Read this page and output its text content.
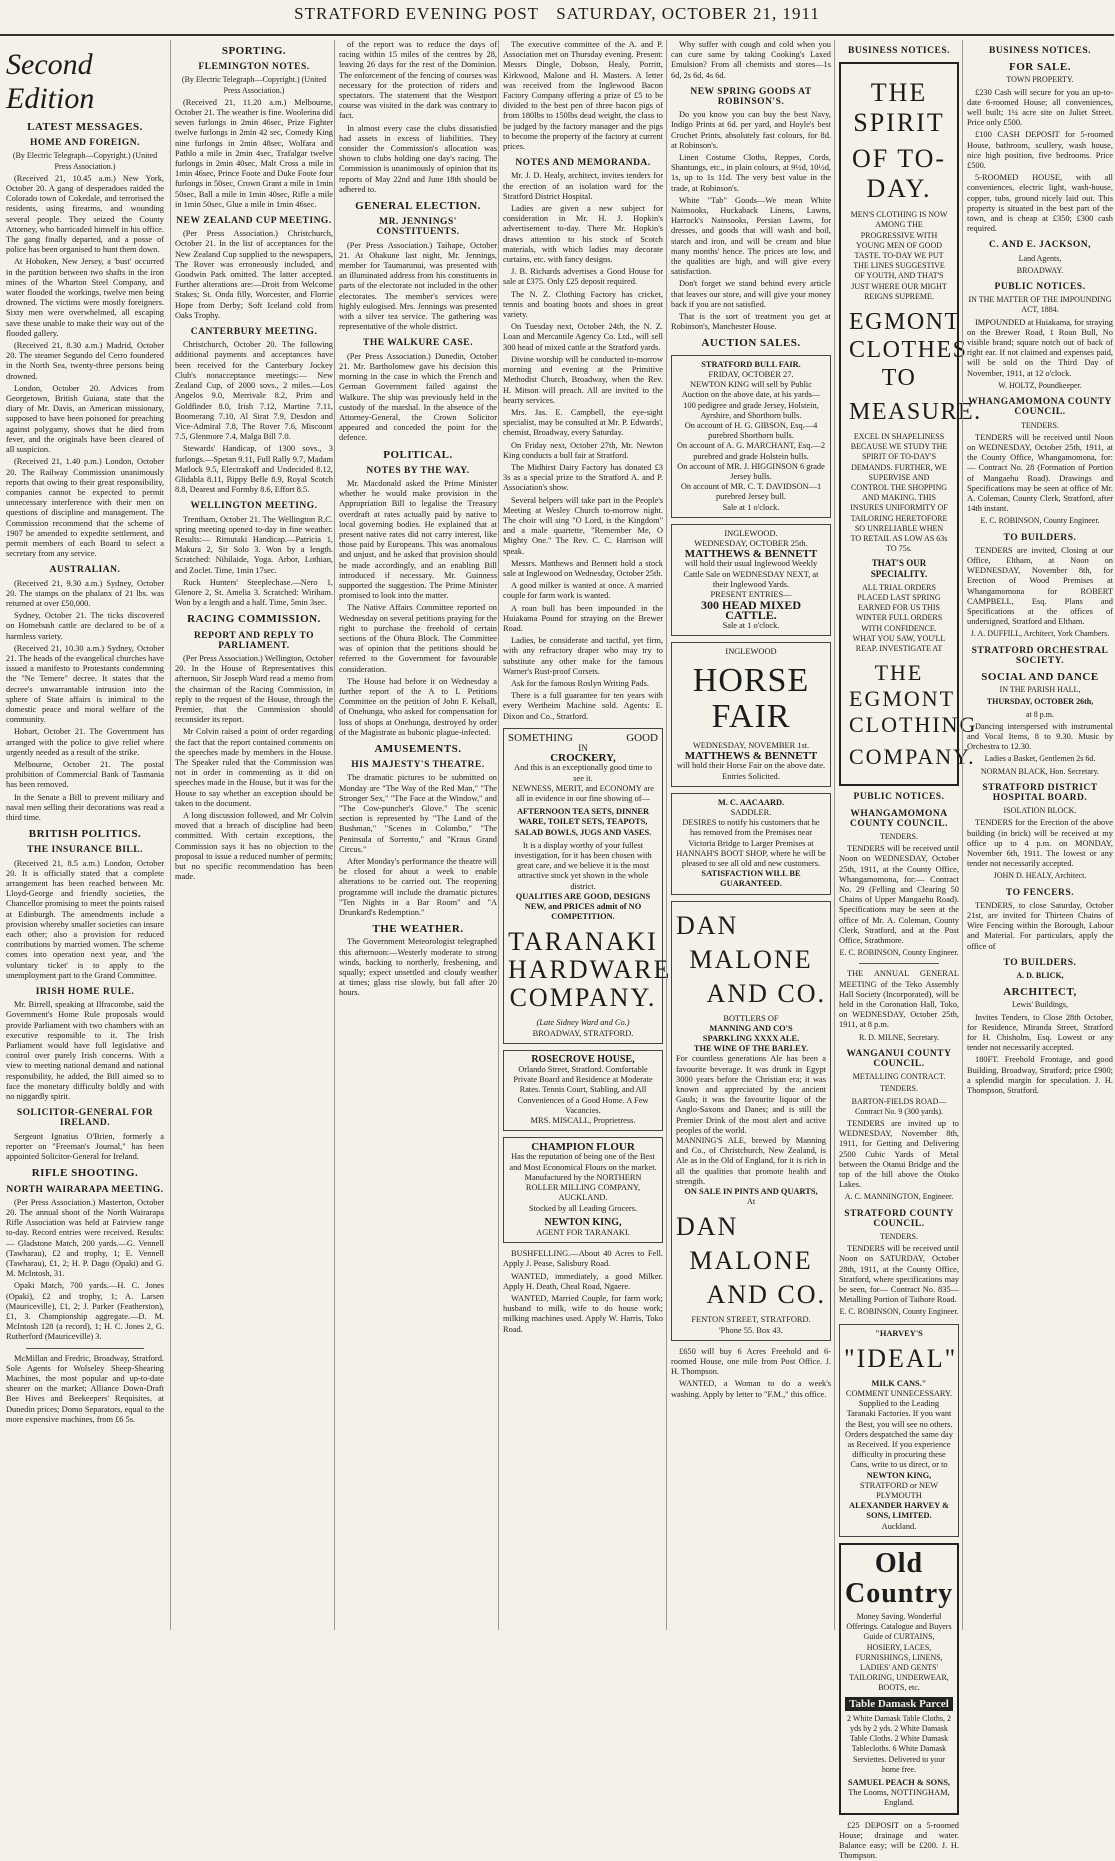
STRATFORD EVENING POST SATURDAY, OCTOBER 21, 1911
Second Edition
LATEST MESSAGES.
HOME AND FOREIGN.
(By Electric Telegraph—Copyright.) (United Press Association.)

(Received 21, 10.45 a.m.) New York, October 20. A gang of desperadoes raided the Colorado town of Cokedale, and terrorised the residents, using firearms, and wounding several people. They seized the County Attorney, who barricaded himself in his office. The gang finally departed, and a posse of police has been organised to hunt them down.

At Hoboken, New Jersey, a 'bust' occurred in the partition between two shafts in the iron mines of the Wharton Steel Company, and water flooded the workings, twelve men being drowned. The victims were mostly foreigners. Sixty men were overwhelmed, all escaping save these unable to make their way out of the flooded gallery.

(Received 21, 8.30 a.m.) Madrid, October 20. The steamer Segundo del Cerro foundered in the North Sea, twenty-three persons being drowned.

London, October 20. Advices from Georgetown, British Guiana, state that the diary of Mr. Davis, an American missionary, supposed to have been poisoned for preaching against polygamy, shows that he died from fever, and the originals have been cleared of all suspicion.

(Received 21, 1.40 p.m.) London, October 20. The Railway Commission unanimously reports that owing to their great responsibility, companies cannot be expected to permit unnecessary interference with their men on questions of discipline and management. The Commission recommend that the scheme of 1907 be amended to expedite settlement, and permit members of each Board to select a secretary from any service.

AUSTRALIAN.

(Received 21, 9.30 a.m.) Sydney, October 20. The stamps on the phalanx of 21 lbs. was returned at over £50,000.

Sydney, October 21. The ticks discovered on Homebush cattle are declared to be of a harmless variety.

(Received 21, 10.30 a.m.) Sydney, October 21. The heads of the evangelical churches have issued a manifesto to Protestants condemning the "Ne Temere" decree. It states that the decree's unwarrantable intrusion into the sphere of State affairs is inimical to the domestic peace and moral welfare of the community.

Hobart, October 21. The Government has arranged with the police to give relief where urgently needed as a result of the strike.

Melbourne, October 21. The postal prohibition of Commercial Bank of Tasmania has been removed.

In the Senate a Bill to prevent military and naval men selling their decorations was read a third time.

BRITISH POLITICS.
THE INSURANCE BILL.

(Received 21, 8.5 a.m.) London, October 20. It is officially stated that a complete arrangement has been reached between Mr. Lloyd-George and friendly societies, the Chancellor promising to meet the points raised at Edinburgh. The amendments include a provision whereby smaller societies can insure each other; also a provision for reduced contributions by married women. The scheme comes into operation next year, and 'the voluntary ticket' is to apply to the unemployment part to the Grand Committee.

IRISH HOME RULE.

Mr. Birrell, speaking at Ilfracombe, said the Government's Home Rule proposals would provide Parliament with two chambers with an executive responsible to it. The Irish Parliament would have full legislative and control over purely Irish concerns. With a view to meeting national demand and national responsibility, he added, the Bill aimed so to face the monetary difficulty boldly and with no niggardly spirit.

SOLICITOR-GENERAL FOR IRELAND.

Sergeant Ignatius O'Brien, formerly a reporter on "Freeman's Journal," has been appointed Solicitor-General for Ireland.

RIFLE SHOOTING.
NORTH WAIRARAPA MEETING.

(Per Press Association.) Masterton, October 20. The annual shoot of the North Wairarapa Rifle Association was held at Fairview range to-day. Record entries were received. Results:— Gladstone Match, 200 yards.—G. Vennell (Tawharau), £2 and trophy, 1; E. Vennell (Tawharau), £1, 2; H. P. Dago (Opaki) and G. M. McIntosh, 31.

Opaki Match, 700 yards.—H. C. Jones (Opaki), £2 and trophy, 1; A. Larsen (Mauriceville), £1, 2; J. Parker (Featherston), £1, 3. Championship aggregate.—D. M. McIntosh 128 (a record), 1; H. C. Jones 2, G. Rutherford (Mauriceville) 3.

McMillan and Fredric, Broadway, Stratford. Sole Agents for Wolseley Sheep-Shearing Machines, the most popular and up-to-date shearer on the market; Alliance Down-Draft Bee Hives and Beekeepers' Requisites, at Dunedin prices; Domo Separators, equal to the more expensive machines, from £6 5s.

SPORTING.
FLEMINGTON NOTES.
(By Electric Telegraph—Copyright.) (United Press Association.)

(Received 21, 11.20 a.m.) Melbourne, October 21. The weather is fine. Woolerina did seven furlongs in 2min 46sec, Prize Fighter twelve furlongs in 2min 42 sec, Comedy King nine furlongs in 2min 48sec, Wolfara and Pathlo a mile in 2min 4sec, Trafalgar twelve furlongs in 2min 40sec, Malt Cross a mile in 1min 46sec, Prince Foote and Duke Foote four furlongs in 50sec, Crown Grant a mile in 1min 50sec, Ball a mile in 1min 40sec, Rifle a mile in 1min 50sec, Glue a mile in 1min 46sec.

NEW ZEALAND CUP MEETING.

(Per Press Association.) Christchurch, October 21. In the list of acceptances for the New Zealand Cup supplied to the newspapers, The Rover was erroneously included, and Goodwin Park omitted. The latter accepted. Further alterations are:—Droit from Welcome Stakes; St. Onda filly, Worcester, and Florrie Hope from Derby; Soft Iceland cold from Oaks Trophy.

CANTERBURY MEETING.

Christchurch, October 20. The following additional payments and acceptances have been received for the Canterbury Jockey Club's nonacceptance meetings:— New Zealand Cup, of 2000 sovs., 2 miles.—Los Angelos 9.0, Merrivale 8.2, Prim and Goldfinder 8.0, Irish 7.12, Martine 7.11, Boomerang 7.10, Al Sirat 7.9, Desdon and Vice-Admiral 7.8, The Rover 7.6, Miscount 7.5, Glenmore 7.4, Malga Bill 7.0.

Stewards' Handicap, of 1300 sovs., 3 furlongs.—Spetan 9.11, Full Rally 9.7, Madam Matlock 9.5, Electrakoff and Undecided 8.12, Glidabla 8.11, Bippy Belle 8.9, Royal Scotch 8.8, Dearest and Formby 8.6, Effort 8.5.

WELLINGTON MEETING.

Trentham, October 21. The Wellington R.C. spring meeting opened to-day in fine weather. Results:— Rimutaki Handicap.—Patricia 1, Makura 2, Sir Solo 3. Won by a length. Scratched: Nihilaide, Yoga. Arbor, Lothian, and Zoclet. Time, 1min 17sec.

Ruck Hunters' Steeplechase.—Nero 1, Glenore 2, St. Amelia 3. Scratched: Wiriham. Won by a length and a half. Time, 5min 3sec.

RACING COMMISSION.
REPORT AND REPLY TO PARLIAMENT.

(Per Press Association.) Wellington, October 20. In the House of Representatives this afternoon, Sir Joseph Ward read a memo from the chairman of the Racing Commission, in reply to the request of the House, through the Premier, that the Commission should reconsider its report.

Mr Colvin raised a point of order regarding the fact that the report contained comments on the speeches made by members in the House. The Speaker ruled that the Commission was not in order in commenting as it did on speeches made in the House, but it was for the House to say whether an exception should be taken to the document.

A long discussion followed, and Mr Colvin moved that a breach of discipline had been committed. With certain exceptions, the Commission says it has no objection to the proposal to issue a reduced number of permits; but no specific recommendation has been made.

of the report was to reduce the days of racing within 15 miles of the centres by 28, leaving 26 days for the rest of the Dominion. The enforcement of the fencing of courses was necessary for the protection of riders and spectators. The statement that the Westport course was visited in the dark was contrary to fact.

In almost every case the clubs dissatisfied had assets in excess of liabilities. They consider the Commission's allocation was shown to clubs holding one day's racing. The Commission is unanimously of opinion that its reports of May 22nd and June 18th should be adhered to.

GENERAL ELECTION.
MR. JENNINGS' CONSTITUENTS.

(Per Press Association.) Taihape, October 21. At Ohakune last night, Mr. Jennings, member for Taumarunui, was presented with an illuminated address from his constituents in parts of the electorate not included in the other electorates. The member's services were highly eulogised. Mrs. Jennings was presented with a silver tea service. The gathering was representative of the whole district.

THE WALKURE CASE.

(Per Press Association.) Dunedin, October 21. Mr. Bartholomew gave his decision this morning in the case in which the French and German Government failed against the Walkure. The ship was previously held in the custody of the marshal. In the absence of the Attorney-General, the Crown Solicitor appeared and conceded the point for the defence.

POLITICAL.
NOTES BY THE WAY.

Mr. Macdonald asked the Prime Minister whether he would make provision in the Appropriation Bill to legalise the Treasury overdraft at rates actually paid by native to local governing bodies. He explained that at present native rates did not carry interest, like those paid by Europeans. This was anomalous and unjust, and he asked that provision should be made accordingly, and an enabling Bill introduced if necessary. Mr. Guinness supported the suggestion. The Prime Minister promised to look into the matter.

The Native Affairs Committee reported on Wednesday on several petitions praying for the right to purchase the freehold of certain sections of the Ohura Block. The Committee was of opinion that the petitions should be referred to the Government for favourable consideration.

The House had before it on Wednesday a further report of the A to L Petitions Committee on the petition of John F. Kelsall, of Onehunga, who asked for compensation for loss of shops at Onehunga, destroyed by order of the Magistrate as bubonic plague-infected.

AMUSEMENTS.
HIS MAJESTY'S THEATRE.

The dramatic pictures to be submitted on Monday are "The Way of the Red Man," "The Stronger Sex," "The Face at the Window," and "The Cow-puncher's Glove." The scenic section is represented by "The Land of the Bushman," "Scenes in Colombo," "The Peninsula of Sorrento," and "Kraus Grand Circus."

After Monday's performance the theatre will be closed for about a week to enable alterations to be carried out. The reopening programme will include the dramatic pictures "Ten Nights in a Bar Room" and "A Drunkard's Redemption."

THE WEATHER.

The Government Meteorologist telegraphed this afternoon:—Westerly moderate to strong winds, backing to northerly, freshening, and squally; expect unsettled and cloudy weather at times; glass rise slowly, but fall after 20 hours.

The executive committee of the A. and P. Association met on Thursday evening. Present: Messrs Dingle, Dobson, Healy, Porritt, Kirkwood, Malone and H. Masters. A letter was received from the Inglewood Bacon Factory Company offering a prize of £5 to be divided to the best pen of three bacon pigs of from 180lbs to 150lbs dead weight, the class to be judged by the factory manager and the pigs to become the property of the factory at current prices.

NOTES AND MEMORANDA.

Mr. J. D. Healy, architect, invites tenders for the erection of an isolation ward for the Stratford District Hospital.

Ladies are given a new subject for consideration in Mr. H. J. Hopkin's advertisement to-day. There Mr. Hopkin's draws attention to his stock of Scotch materials, with which ladies may decorate curtains, etc. with fancy designs.

J. B. Richards advertises a Good House for sale at £375. Only £25 deposit required.

The N. Z. Clothing Factory has cricket, tennis and boating boots and shoes in great variety.

On Tuesday next, October 24th, the N. Z. Loan and Mercantile Agency Co. Ltd., will sell 300 head of mixed cattle at the Stratford yards.

Divine worship will be conducted to-morrow morning and evening at the Primitive Methodist Church, Broadway, when the Rev. H. Mitson will preach. All are invited to the hearty services.

Mrs. Jas. E. Campbell, the eye-sight specialist, may be consulted at Mr. P. Edwards', chemist, Broadway, every Saturday.

On Friday next, October 27th, Mr. Newton King conducts a bull fair at Stratford.

The Midhirst Dairy Factory has donated £3 3s as a special prize to the Stratford A. and P. Association's show.

Several helpers will take part in the People's Meeting at Wesley Church to-morrow night. The choir will sing "O Lord, is the Kingdom" and a male quartette, "Remember Me, O Mighty One." The Rev. C. C. Harrison will speak.

Messrs. Matthews and Bennett hold a stock sale at Inglewood on Wednesday, October 25th.

A good milker is wanted at once. A married couple for farm work is wanted.

A roan bull has been impounded in the Huiakama Pound for straying on the Brewer Road.

Ladies, be considerate and tactful, yet firm, with any refractory draper who may try to substitute any other make for the famous Warner's Rust-proof Corsets.

Ask for the famous Roslyn Writing Pads.

There is a full guarantee for ten years with every Wertheim Machine sold. Agents: E. Dixon and Co., Stratford.

SOMETHING	GOOD
IN
CROCKERY,
And this is an exceptionally good time to see it.
NEWNESS, MERIT, and ECONOMY are all in evidence in our fine showing of—
AFTERNOON TEA SETS, DINNER WARE, TOILET SETS, TEAPOTS, SALAD BOWLS, JUGS AND VASES.
It is a display worthy of your fullest investigation, for it has been chosen with great care, and we believe it is the most attractive stock yet shown in the whole district.
QUALITIES ARE GOOD, DESIGNS NEW, and PRICES admit of NO COMPETITION.
TARANAKI HARDWARE COMPANY.
(Late Sidney Ward and Co.)
BROADWAY, STRATFORD.
ROSECROVE HOUSE,
Orlando Street, Stratford. Comfortable Private Board and Residence at Moderate Rates. Tennis Court, Stabling, and All Conveniences of a Good Home. A Few Vacancies.
MRS. MISCALL, Proprietress.
CHAMPION FLOUR
Has the reputation of being one of the Best and Most Economical Flours on the market.
Manufactured by the NORTHERN ROLLER MILLING COMPANY, AUCKLAND.
Stocked by all Leading Grocers.
NEWTON KING,
AGENT FOR TARANAKI.

BUSHFELLING.—About 40 Acres to Fell. Apply J. Pease, Salisbury Road.

WANTED, immediately, a good Milker. Apply H. Death, Cheal Road, Ngaere.

WANTED, Married Couple, for farm work; husband to milk, wife to do house work; milking machines used. Apply W. Harris, Toko Road.

Why suffer with cough and cold when you can cure same by taking Cooking's Laxed Emulsion? From all chemists and stores—1s 6d, 2s 6d, 4s 6d.

NEW SPRING GOODS AT ROBINSON'S.

Do you know you can buy the best Navy, Indigo Prints at 6d. per yard, and Hoyle's best Crochet Prints, absolutely fast colours, for 8d. at Robinson's.

Linen Costume Cloths, Reppes, Cords, Shantungs, etc., in plain colours, at 9½d, 10½d, 1s, up to 1s 11d. The very best value in the trade, at Robinson's.

White "Tab" Goods—We mean White Nainsooks, Huckaback Linens, Lawns, Harrock's Nainsooks, Persian Lawns, for dresses, and goods that will wash and boil, starch and iron, and will be cream and blue many months' hence. The prices are low, and the qualities are high, and will give every satisfaction.

Don't forget we stand behind every article that leaves our store, and will give your money back if you are not satisfied.

That is the sort of treatment you get at Robinson's, Manchester House.

AUCTION SALES.
STRATFORD BULL FAIR.
FRIDAY, OCTOBER 27.
NEWTON KING will sell by Public Auction on the above date, at his yards—
100 pedigree and grade Jersey, Holstein, Ayrshire, and Shorthorn bulls.
On account of H. G. GIBSON, Esq.—4 purebred Shorthorn bulls.
On account of A. G. MARCHANT, Esq.—2 purebred and grade Holstein bulls.
On account of MR. J. HIGGINSON 6 grade Jersey bulls.
On account of MR. C. T. DAVIDSON—1 purebred Jersey bull.
Sale at 1 o'clock.
INGLEWOOD.
WEDNESDAY, OCTOBER 25th.
MATTHEWS & BENNETT
will hold their usual Inglewood Weekly Cattle Sale on WEDNESDAY NEXT, at their Inglewood Yards.
PRESENT ENTRIES—
300 HEAD MIXED CATTLE.
Sale at 1 o'clock.
INGLEWOOD
HORSE FAIR
WEDNESDAY, NOVEMBER 1st.
MATTHEWS & BENNETT
will hold their Horse Fair on the above date.
Entries Solicited.
M. C. AACAARD.
SADDLER.
DESIRES to notify his customers that he has removed from the Premises near Victoria Bridge to Larger Premises at HANNAH'S BOOT SHOP, where he will be pleased to see all old and new customers.
SATISFACTION WILL BE GUARANTEED.
DAN
MALONE
AND CO.
BOTTLERS OF
MANNING AND CO'S
SPARKLING XXXX ALE.
THE WINE OF THE BARLEY.
For countless generations Ale has been a favourite beverage. It was drunk in Egypt 3000 years before the Christian era; it was known and appreciated by the ancient Gauls; it was the favourite liquor of the Anglo-Saxons and Danes; and is still the Premier Drink of the most alert and active peoples of the world.
MANNING'S ALE, brewed by Manning and Co., of Christchurch, New Zealand, is Ale as in the Old of England, for it is rich in all the qualities that promote health and strength.
ON SALE IN PINTS AND QUARTS,
At
DAN
MALONE
AND CO.
FENTON STREET, STRATFORD.
'Phone 55. Box 43.

£650 will buy 6 Acres Freehold and 6-roomed House, one mile from Post Office. J. H. Thompson.

WANTED, a Woman to do a week's washing. Apply by letter to "F.M.," this office.

BUSINESS NOTICES.
THE SPIRIT
OF TO-DAY.
MEN'S CLOTHING IS NOW AMONG THE PROGRESSIVE WITH YOUNG MEN OF GOOD TASTE. TO-DAY WE PUT THE LINES SUGGESTIVE OF YOUTH, AND THAT'S JUST WHERE OUR MIGHT REIGNS SUPREME.
EGMONT CLOTHES TO
MEASURE.
EXCEL IN SHAPELINESS BECAUSE WE STUDY THE SPIRIT OF TO-DAY'S DEMANDS. FURTHER, WE SUPERVISE AND CONTROL THE SHOPPING AND MAKING. THIS INSURES UNIFORMITY OF TAILORING HERETOFORE SO UNRELIABLE WHEN TO RETAIL AS LOW AS 63s TO 75s.
THAT'S OUR SPECIALITY.
ALL TRIAL ORDERS PLACED LAST SPRING EARNED FOR US THIS WINTER FULL ORDERS WITH CONFIDENCE. WHAT YOU SAW, YOU'LL REAP. INVESTIGATE AT
THE EGMONT CLOTHING
COMPANY.
PUBLIC NOTICES.
WHANGAMOMONA COUNTY COUNCIL.
TENDERS.

TENDERS will be received until Noon on WEDNESDAY, October 25th, 1911, at the County Office, Whangamomona, for:— Contract No. 29 (Felling and Clearing 50 Chains of Upper Mangaehu Road). Specifications may be seen at the office of Mr. A. Coleman, County Clerk, Stratford, and at the Post Office, Strathmore.

E. C. ROBINSON, County Engineer.

THE ANNUAL GENERAL MEETING of the Teko Assembly Hall Society (Incorporated), will be held in the Coronation Hall, Toko, on WEDNESDAY, October 25th, 1911, at 8 p.m.

R. D. MILNE, Secretary.
WANGANUI COUNTY COUNCIL.
METALLING CONTRACT.
TENDERS.
BARTON-FIELDS ROAD—Contract No. 9 (300 yards).

TENDERS are invited up to WEDNESDAY, November 8th, 1911, for Getting and Delivering 2500 Cubic Yards of Metal between the Otanui Bridge and the top of the hill above the Otoko Lakes.

A. C. MANNINGTON, Engineer.
STRATFORD COUNTY COUNCIL.
TENDERS.

TENDERS will be received until Noon on SATURDAY, October 28th, 1911, at the County Office, Stratford, where specifications may be seen, for— Contract No. 835—Metalling Portion of Taihore Road.

E. C. ROBINSON, County Engineer.
"HARVEY'S
"IDEAL"
MILK CANS."
COMMENT UNNECESSARY.
Supplied to the Leading Taranaki Factories. If you want the Best, you will see no others. Orders despatched the same day as Received. If you experience difficulty in procuring these Cans, write to us direct, or to
NEWTON KING,
STRATFORD or NEW PLYMOUTH
ALEXANDER HARVEY & SONS, LIMITED.
Auckland.
Old
Country
Money Saving. Wonderful Offerings. Catalogue and Buyers Guide of CURTAINS, HOSIERY, LACES, FURNISHINGS, LINENS, LADIES' AND GENTS' TAILORING, UNDERWEAR, BOOTS, etc.
Table Damask Parcel
2 White Damask Table Cloths, 2 yds by 2 yds. 2 White Damask Table Cloths. 2 White Damask Tablecloths. 6 White Damask Serviettes. Delivered to your home free.
SAMUEL PEACH & SONS,
The Looms, NOTTINGHAM, England.

£25 DEPOSIT on a 5-roomed House; drainage and water. Balance easy; will be £200. J. H. Thompson.

BUSINESS NOTICES.
FOR SALE.
TOWN PROPERTY.

£230 Cash will secure for you an up-to-date 6-roomed House; all conveniences, well built; 1¼ acre site on Juliet Street. Price only £500.

£100 CASH DEPOSIT for 5-roomed House, bathroom, scullery, wash house, nice high position, five bedrooms. Price £500.

5-ROOMED HOUSE, with all conveniences, electric light, wash-house, copper, tubs, ground nicely laid out. This property is situated in the best part of the town, and is cheap at £350; £300 cash required.

C. AND E. JACKSON,
Land Agents,
BROADWAY.
PUBLIC NOTICES.
IN THE MATTER OF THE IMPOUNDING ACT, 1884.

IMPOUNDED at Huiakama, for straying on the Brewer Road, 1 Roan Bull, No visible brand; square notch out of back of right ear. If not claimed and expenses paid, will be sold on the Third Day of November, 1911, at 12 o'clock.

W. HOLTZ, Poundkeeper.
WHANGAMOMONA COUNTY COUNCIL.
TENDERS.

TENDERS will be received until Noon on WEDNESDAY, October 25th, 1911, at the County Office, Whangamomona, for:— Contract No. 28 (Formation of Portion of Mangaehu Road). Drawings and Specifications may be seen at office of Mr. A. Coleman, County Clerk, Stratford, after 14th instant.

E. C. ROBINSON, County Engineer.
TO BUILDERS.

TENDERS are invited, Closing at our Office, Eltham, at Noon on WEDNESDAY, November 8th, for Erection of Wood Premises at Whangamomona for ROBERT CAMPBELL, Esq. Plans and Specifications at the offices of undersigned, Stratford and Eltham.

J. A. DUFFILL, Architect, York Chambers.
STRATFORD ORCHESTRAL SOCIETY.
SOCIAL AND DANCE
IN THE PARISH HALL,
THURSDAY, OCTOBER 26th,
at 8 p.m.

Dancing interspersed with instrumental and Vocal Items, 8 to 9.30. Music by Orchestra to 12.30.

Ladies a Basket, Gentlemen 2s 6d.
NORMAN BLACK, Hon. Secretary.
STRATFORD DISTRICT HOSPITAL BOARD.
ISOLATION BLOCK.

TENDERS for the Erection of the above building (in brick) will be received at my office up to 4 p.m. on MONDAY, November 6th, 1911. The lowest or any tender not necessarily accepted.

JOHN D. HEALY, Architect.
TO FENCERS.

TENDERS, to close Saturday, October 21st, are invited for Thirteen Chains of Wire Fencing within the Borough, Labour and Material. For particulars, apply the office of

TO BUILDERS.
A. D. BLICK,
ARCHITECT,
Lewis' Buildings,

Invites Tenders, to Close 28th October, for Residence, Miranda Street, Stratford for H. Chisholm, Esq. Lowest or any tender not necessarily accepted.

180FT. Freehold Frontage, and good Building, Broadway, Stratford; price £900; a splendid margin for speculation. J. H. Thompson, Stratford.
